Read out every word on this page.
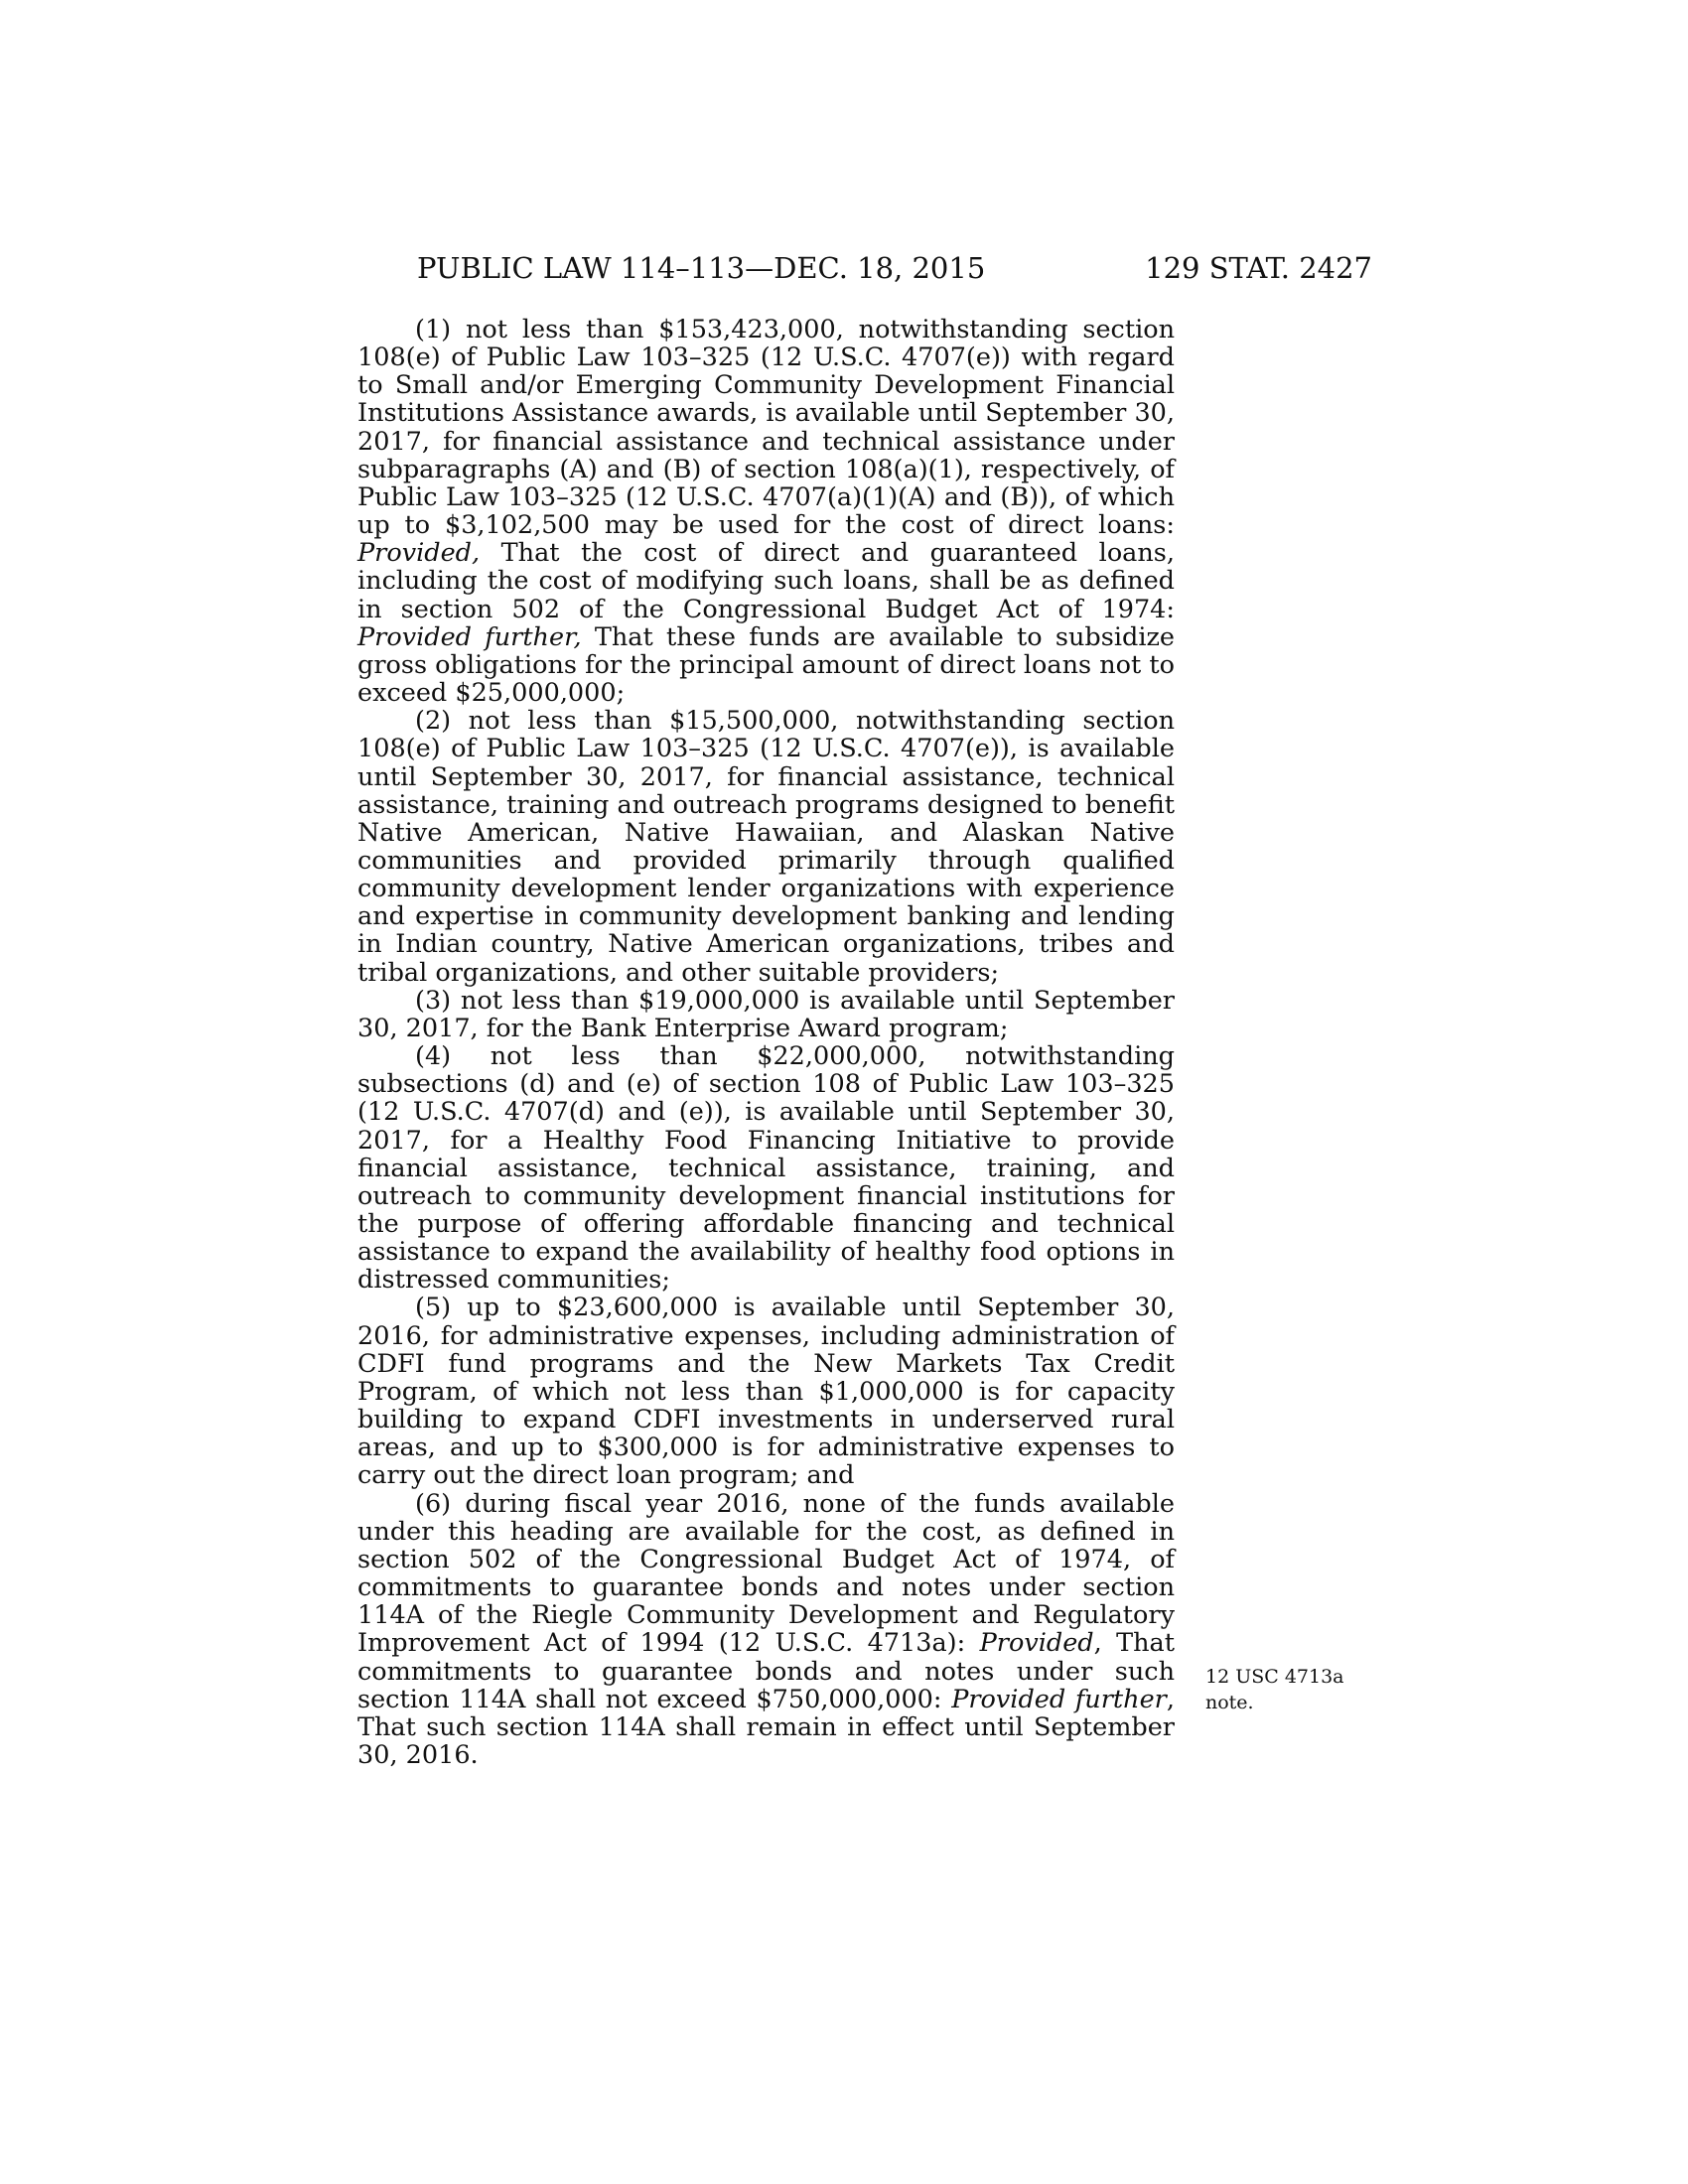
PUBLIC LAW 114–113—DEC. 18, 2015	129 STAT. 2427

(1) not less than $153,423,000, notwithstanding section 108(e) of Public Law 103–325 (12 U.S.C. 4707(e)) with regard to Small and/or Emerging Community Development Financial Institutions Assistance awards, is available until September 30, 2017, for financial assistance and technical assistance under subparagraphs (A) and (B) of section 108(a)(1), respectively, of Public Law 103–325 (12 U.S.C. 4707(a)(1)(A) and (B)), of which up to $3,102,500 may be used for the cost of direct loans: Provided, That the cost of direct and guaranteed loans, including the cost of modifying such loans, shall be as defined in section 502 of the Congressional Budget Act of 1974: Provided further, That these funds are available to subsidize gross obligations for the principal amount of direct loans not to exceed $25,000,000;

(2) not less than $15,500,000, notwithstanding section 108(e) of Public Law 103–325 (12 U.S.C. 4707(e)), is available until September 30, 2017, for financial assistance, technical assistance, training and outreach programs designed to benefit Native American, Native Hawaiian, and Alaskan Native communities and provided primarily through qualified community development lender organizations with experience and expertise in community development banking and lending in Indian country, Native American organizations, tribes and tribal organizations, and other suitable providers;

(3) not less than $19,000,000 is available until September 30, 2017, for the Bank Enterprise Award program;

(4) not less than $22,000,000, notwithstanding subsections (d) and (e) of section 108 of Public Law 103–325 (12 U.S.C. 4707(d) and (e)), is available until September 30, 2017, for a Healthy Food Financing Initiative to provide financial assistance, technical assistance, training, and outreach to community development financial institutions for the purpose of offering affordable financing and technical assistance to expand the availability of healthy food options in distressed communities;

(5) up to $23,600,000 is available until September 30, 2016, for administrative expenses, including administration of CDFI fund programs and the New Markets Tax Credit Program, of which not less than $1,000,000 is for capacity building to expand CDFI investments in underserved rural areas, and up to $300,000 is for administrative expenses to carry out the direct loan program; and

(6) during fiscal year 2016, none of the funds available under this heading are available for the cost, as defined in section 502 of the Congressional Budget Act of 1974, of commitments to guarantee bonds and notes under section 114A of the Riegle Community Development and Regulatory Improvement Act of 1994 (12 U.S.C. 4713a): Provided, That commitments to guarantee bonds and notes under such section 114A shall not exceed $750,000,000: Provided further, That such section 114A shall remain in effect until September 30, 2016.

12 USC 4713a
note.
